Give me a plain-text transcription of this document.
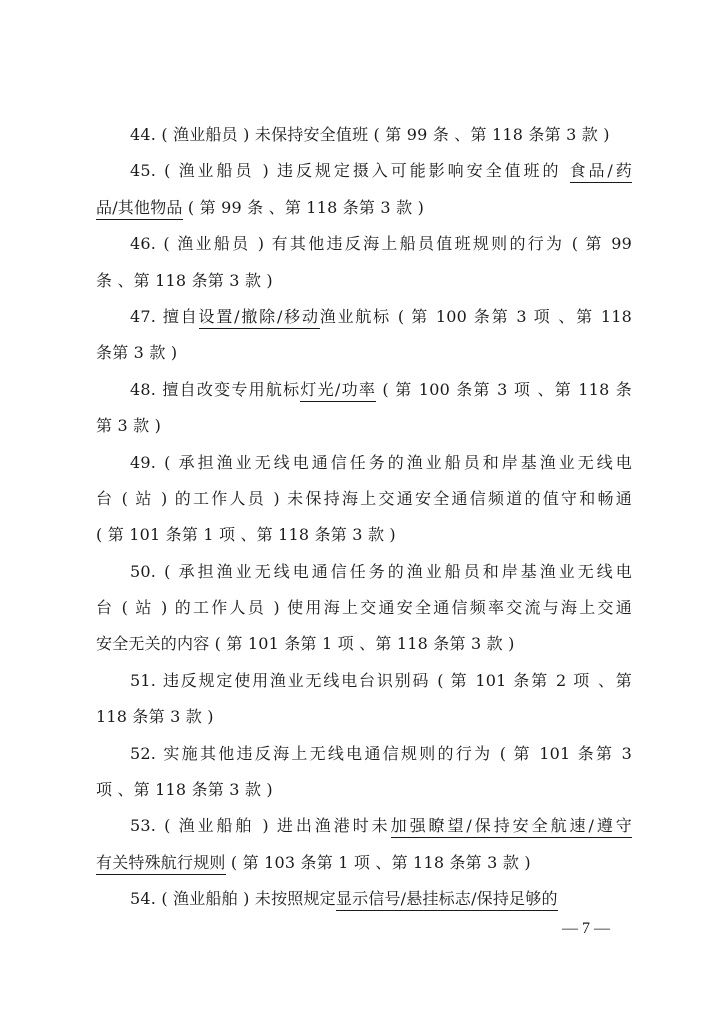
44. ( 渔业船员 ) 未保持安全值班 ( 第 99 条 、第 118 条第 3 款 )
45. ( 渔业船员 ) 违反规定摄入可能影响安全值班的 食品/药
品/其他物品 ( 第 99 条 、第 118 条第 3 款 )
46. ( 渔业船员 ) 有其他违反海上船员值班规则的行为 ( 第 99
条 、第 118 条第 3 款 )
47. 擅自设置/撤除/移动渔业航标 ( 第 100 条第 3 项 、第 118
条第 3 款 )
48. 擅自改变专用航标灯光/功率 ( 第 100 条第 3 项 、第 118 条
第 3 款 )
49. ( 承担渔业无线电通信任务的渔业船员和岸基渔业无线电
台 ( 站 ) 的工作人员 ) 未保持海上交通安全通信频道的值守和畅通
( 第 101 条第 1 项 、第 118 条第 3 款 )
50. ( 承担渔业无线电通信任务的渔业船员和岸基渔业无线电
台 ( 站 ) 的工作人员 ) 使用海上交通安全通信频率交流与海上交通
安全无关的内容 ( 第 101 条第 1 项 、第 118 条第 3 款 )
51. 违反规定使用渔业无线电台识别码 ( 第 101 条第 2 项 、第
118 条第 3 款 )
52. 实施其他违反海上无线电通信规则的行为 ( 第 101 条第 3
项 、第 118 条第 3 款 )
53. ( 渔业船舶 ) 进出渔港时未加强瞭望/保持安全航速/遵守
有关特殊航行规则 ( 第 103 条第 1 项 、第 118 条第 3 款 )
54. ( 渔业船舶 ) 未按照规定显示信号/悬挂标志/保持足够的
— 7 —
